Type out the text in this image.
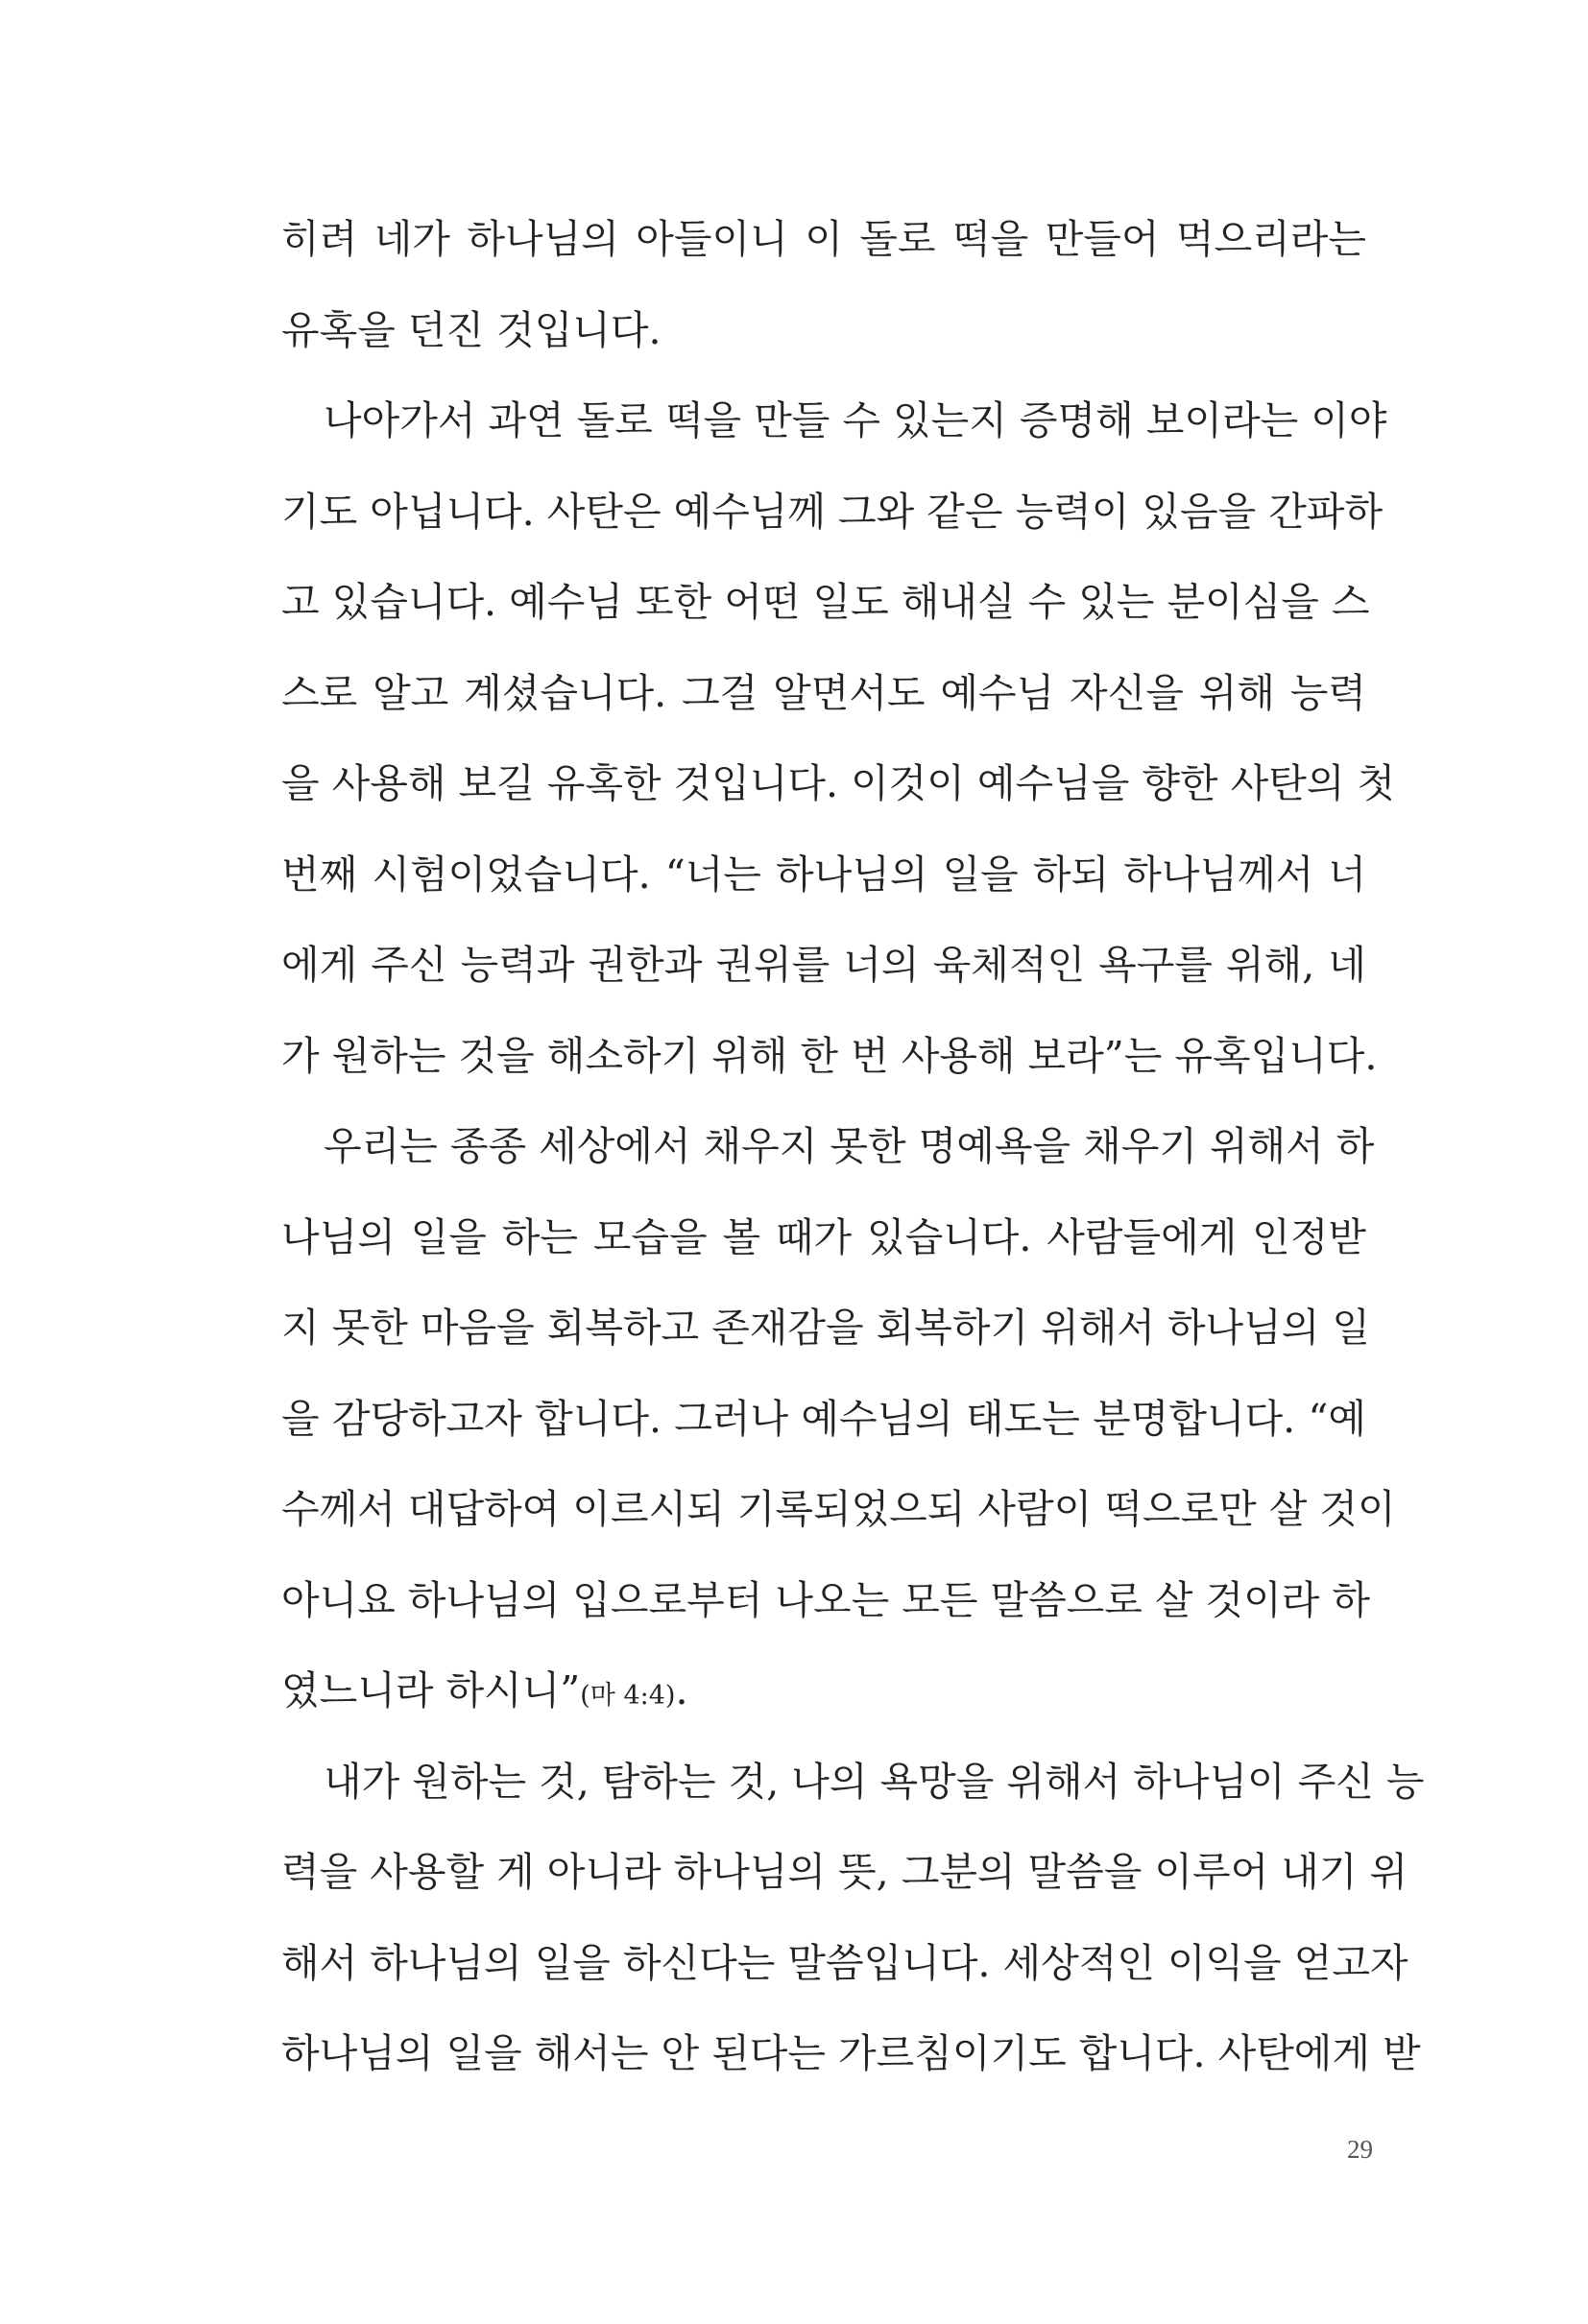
히려 네가 하나님의 아들이니 이 돌로 떡을 만들어 먹으리라는
유혹을 던진 것입니다.
나아가서 과연 돌로 떡을 만들 수 있는지 증명해 보이라는 이야
기도 아닙니다. 사탄은 예수님께 그와 같은 능력이 있음을 간파하
고 있습니다. 예수님 또한 어떤 일도 해내실 수 있는 분이심을 스
스로 알고 계셨습니다. 그걸 알면서도 예수님 자신을 위해 능력
을 사용해 보길 유혹한 것입니다. 이것이 예수님을 향한 사탄의 첫
번째 시험이었습니다. “너는 하나님의 일을 하되 하나님께서 너
에게 주신 능력과 권한과 권위를 너의 육체적인 욕구를 위해, 네
가 원하는 것을 해소하기 위해 한 번 사용해 보라”는 유혹입니다.
우리는 종종 세상에서 채우지 못한 명예욕을 채우기 위해서 하
나님의 일을 하는 모습을 볼 때가 있습니다. 사람들에게 인정받
지 못한 마음을 회복하고 존재감을 회복하기 위해서 하나님의 일
을 감당하고자 합니다. 그러나 예수님의 태도는 분명합니다. “예
수께서 대답하여 이르시되 기록되었으되 사람이 떡으로만 살 것이
아니요 하나님의 입으로부터 나오는 모든 말씀으로 살 것이라 하
였느니라 하시니”(마 4:4).
내가 원하는 것, 탐하는 것, 나의 욕망을 위해서 하나님이 주신 능
력을 사용할 게 아니라 하나님의 뜻, 그분의 말씀을 이루어 내기 위
해서 하나님의 일을 하신다는 말씀입니다. 세상적인 이익을 얻고자
하나님의 일을 해서는 안 된다는 가르침이기도 합니다. 사탄에게 받
29
